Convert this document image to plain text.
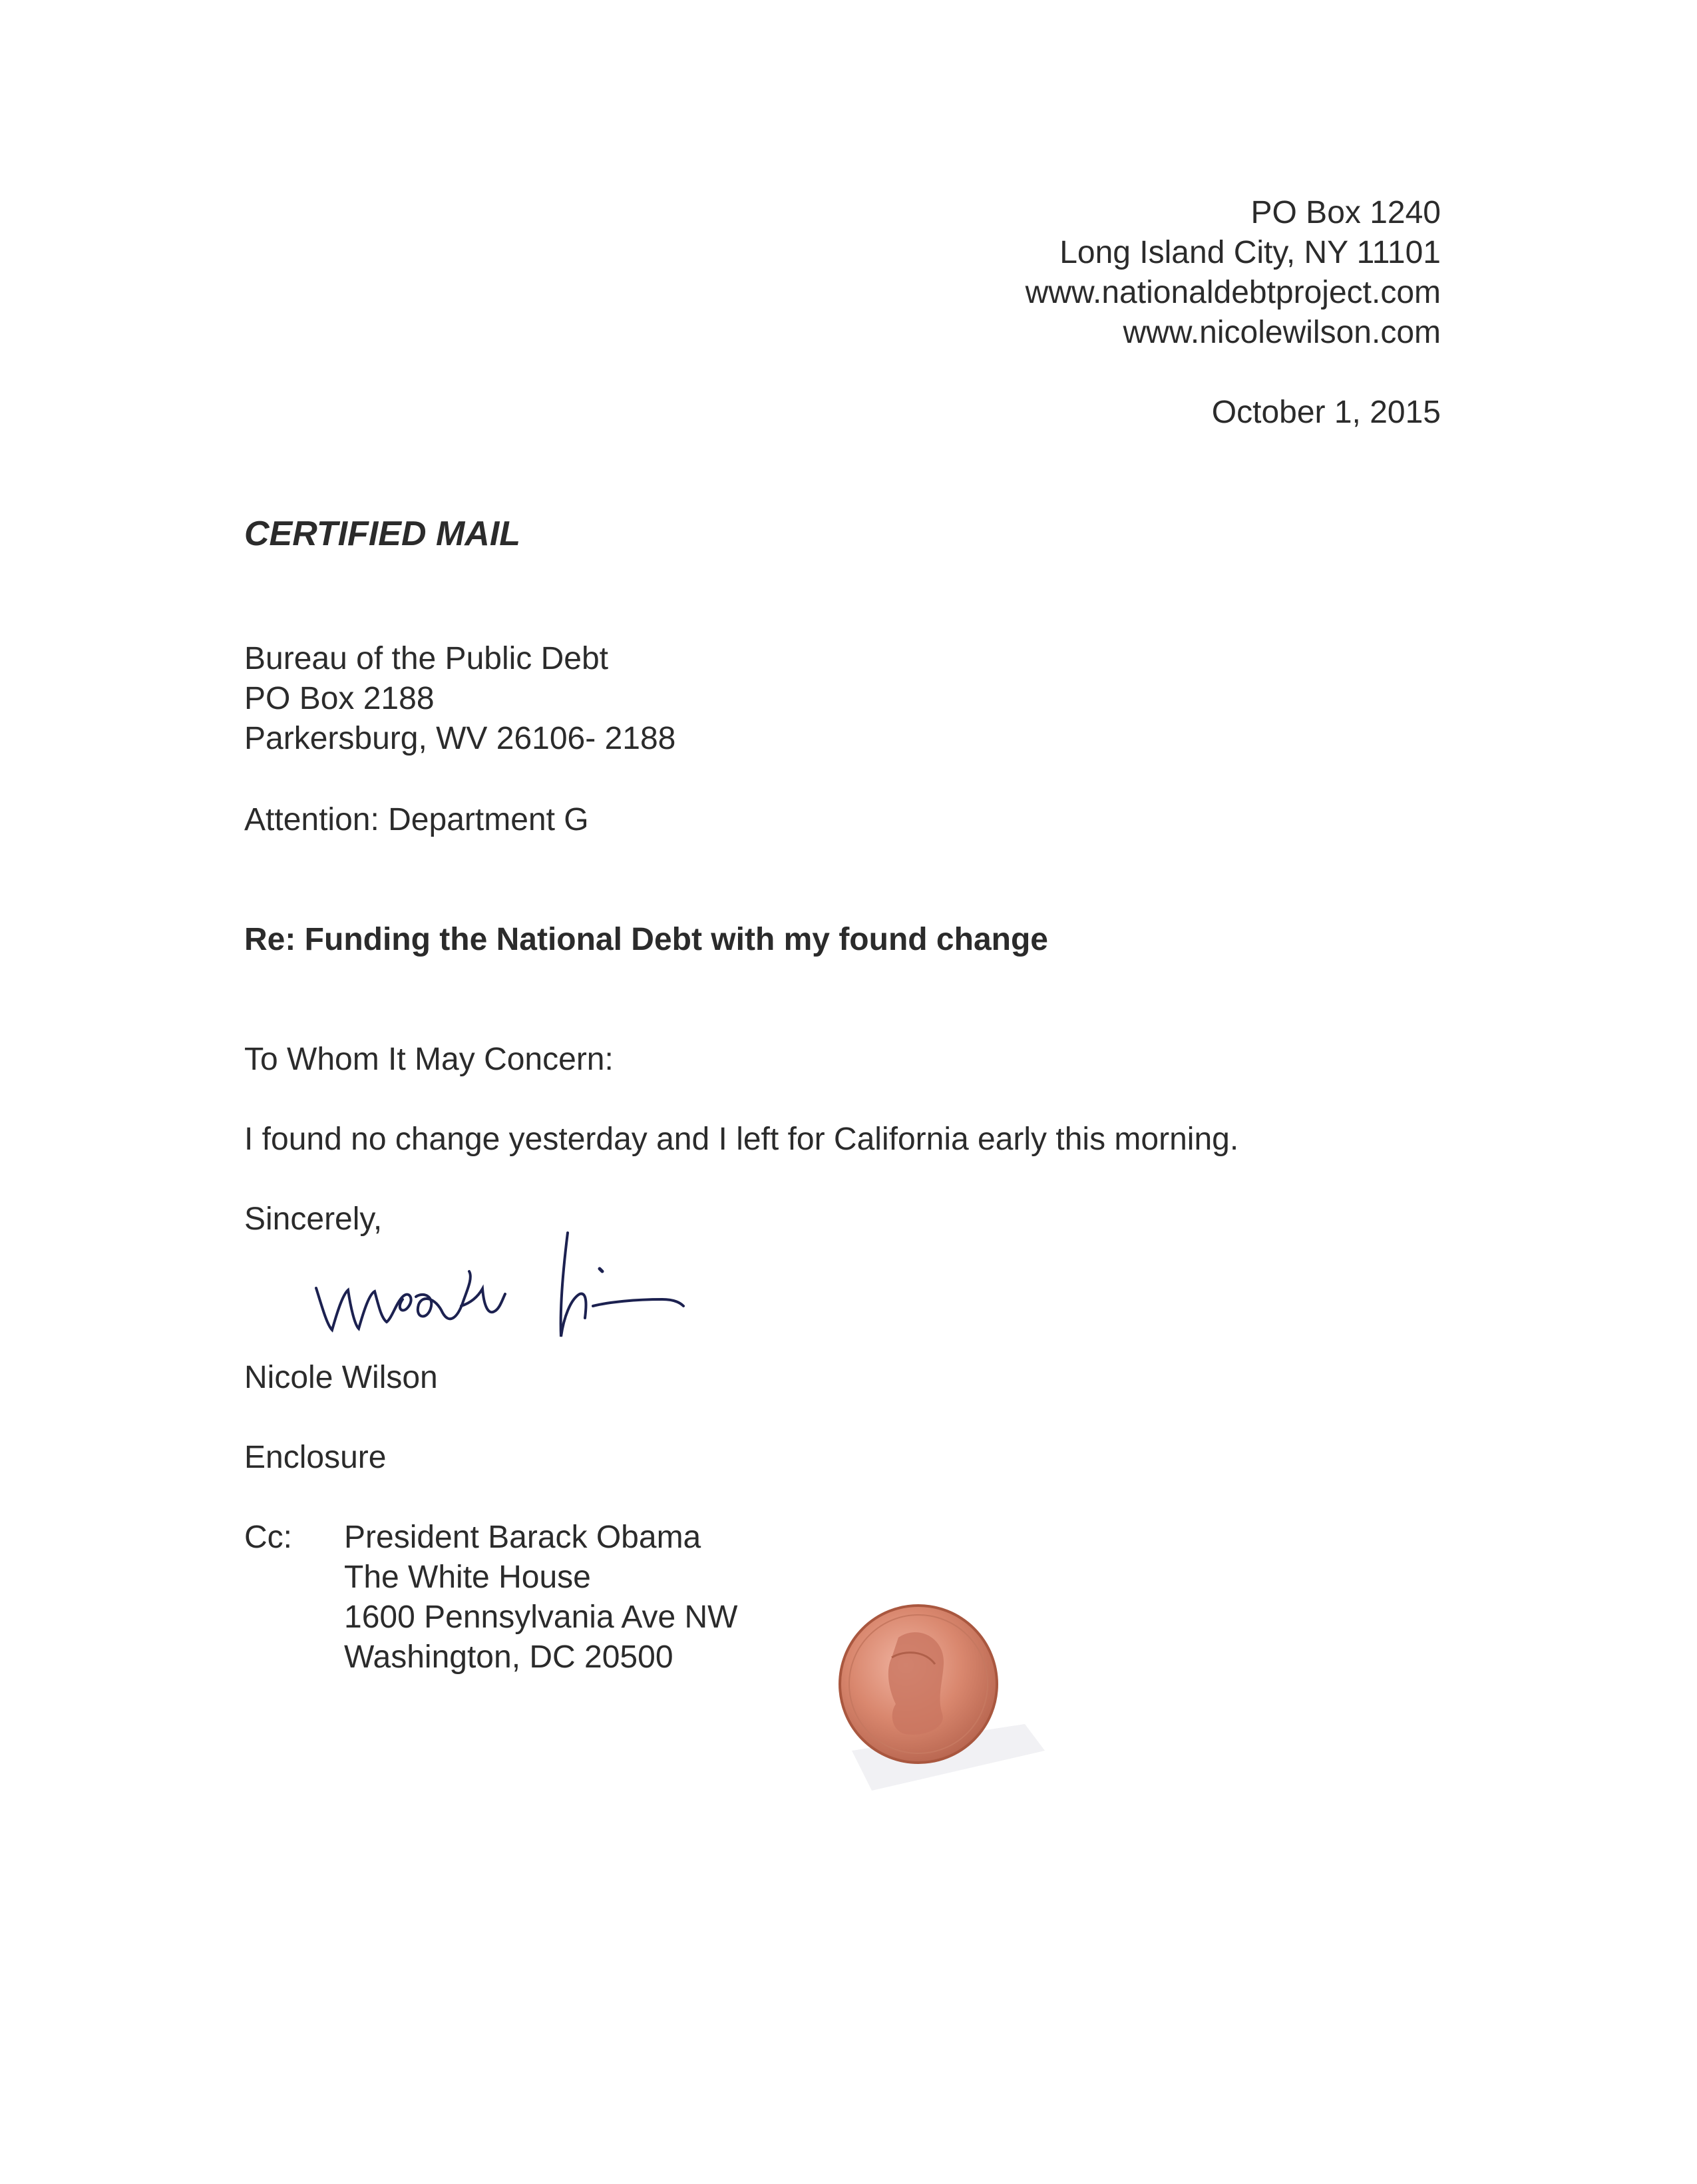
PO Box 1240
Long Island City, NY 11101
www.nationaldebtproject.com
www.nicolewilson.com
October 1, 2015
CERTIFIED MAIL
Bureau of the Public Debt
PO Box 2188
Parkersburg, WV 26106- 2188
Attention: Department G
Re: Funding the National Debt with my found change
To Whom It May Concern:
I found no change yesterday and I left for California early this morning.
Sincerely,
Nicole Wilson
Enclosure
Cc: President Barack Obama
The White House
1600 Pennsylvania Ave NW
Washington, DC 20500
